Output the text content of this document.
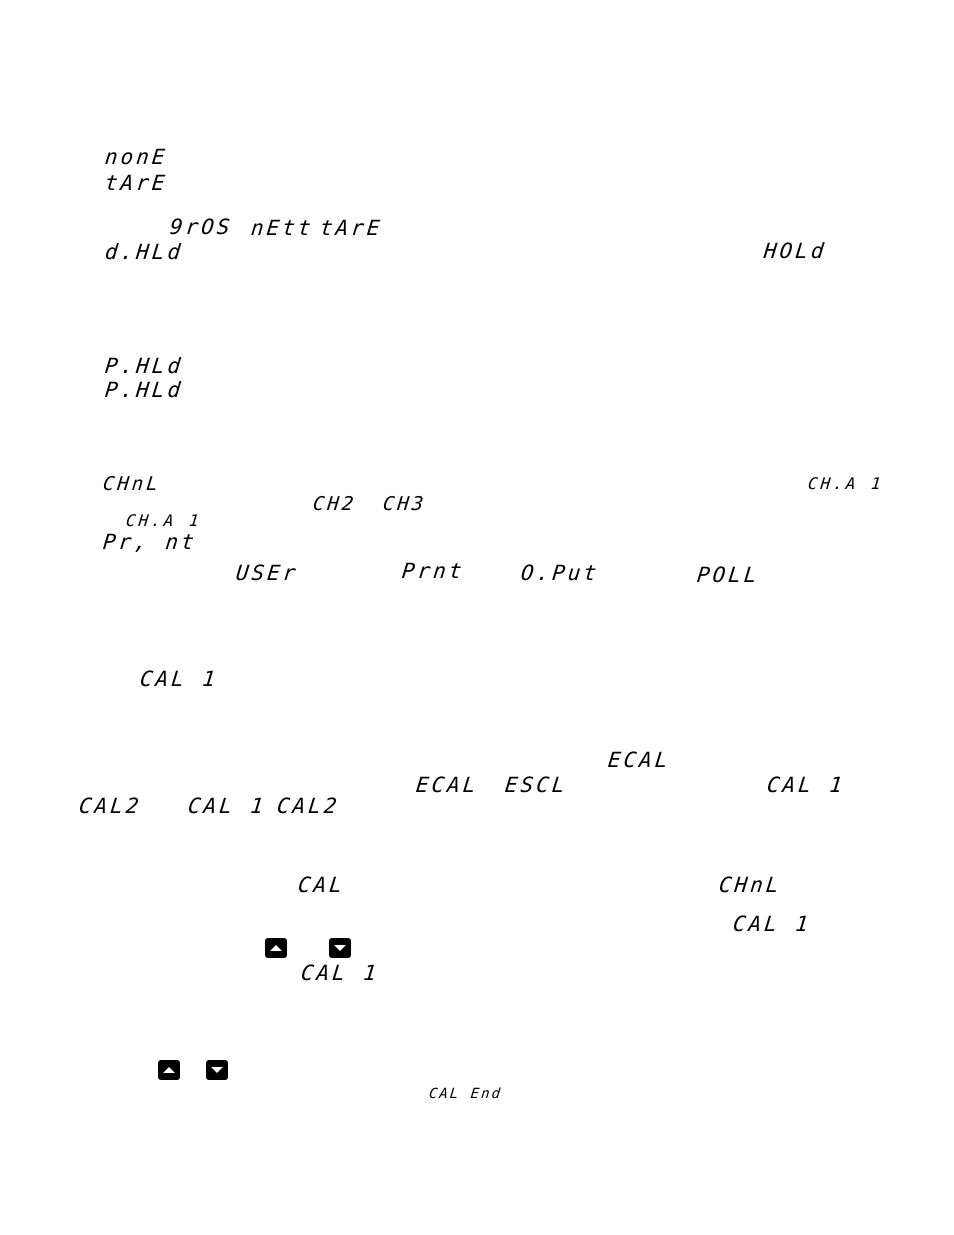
nonE
tArE
9rOS nEtt tArE
d.HLd	HOLd
P.HLd
P.HLd
CHnL	CH.A 1
CH2 CH3
CH.A 1
Pr, nt
USEr	Prnt	O.Put	POLL
CAL 1
ECAL
ECAL ESCL	CAL 1
CAL2 CAL 1 CAL2
CAL	CHnL
CAL 1
CAL 1
CAL End
